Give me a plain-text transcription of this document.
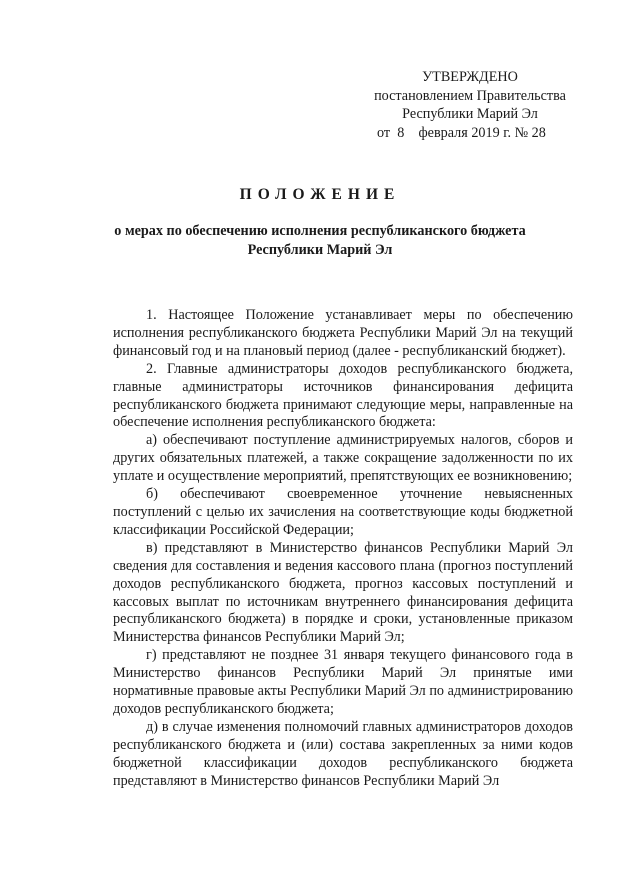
УТВЕРЖДЕНО
постановлением Правительства
Республики Марий Эл
от  8    февраля 2019 г. № 28
ПОЛОЖЕНИЕ
о мерах по обеспечению исполнения республиканского бюджета
Республики Марий Эл

1. Настоящее Положение устанавливает меры по обеспечению исполнения республиканского бюджета Республики Марий Эл на текущий финансовый год и на плановый период (далее - республиканский бюджет).

2. Главные администраторы доходов республиканского бюджета, главные администраторы источников финансирования дефицита республиканского бюджета принимают следующие меры, направленные на обеспечение исполнения республиканского бюджета:

а) обеспечивают поступление администрируемых налогов, сборов и других обязательных платежей, а также сокращение задолженности по их уплате и осуществление мероприятий, препятствующих ее возникновению;

б) обеспечивают своевременное уточнение невыясненных поступлений с целью их зачисления на соответствующие коды бюджетной классификации Российской Федерации;

в) представляют в Министерство финансов Республики Марий Эл сведения для составления и ведения кассового плана (прогноз поступлений доходов республиканского бюджета, прогноз кассовых поступлений и кассовых выплат по источникам внутреннего финансирования дефицита республиканского бюджета) в порядке и сроки, установленные приказом Министерства финансов Республики Марий Эл;

г) представляют не позднее 31 января текущего финансового года в Министерство финансов Республики Марий Эл принятые ими нормативные правовые акты Республики Марий Эл по администрированию доходов республиканского бюджета;

д) в случае изменения полномочий главных администраторов доходов республиканского бюджета и (или) состава закрепленных за ними кодов бюджетной классификации доходов республиканского бюджета представляют в Министерство финансов Республики Марий Эл
